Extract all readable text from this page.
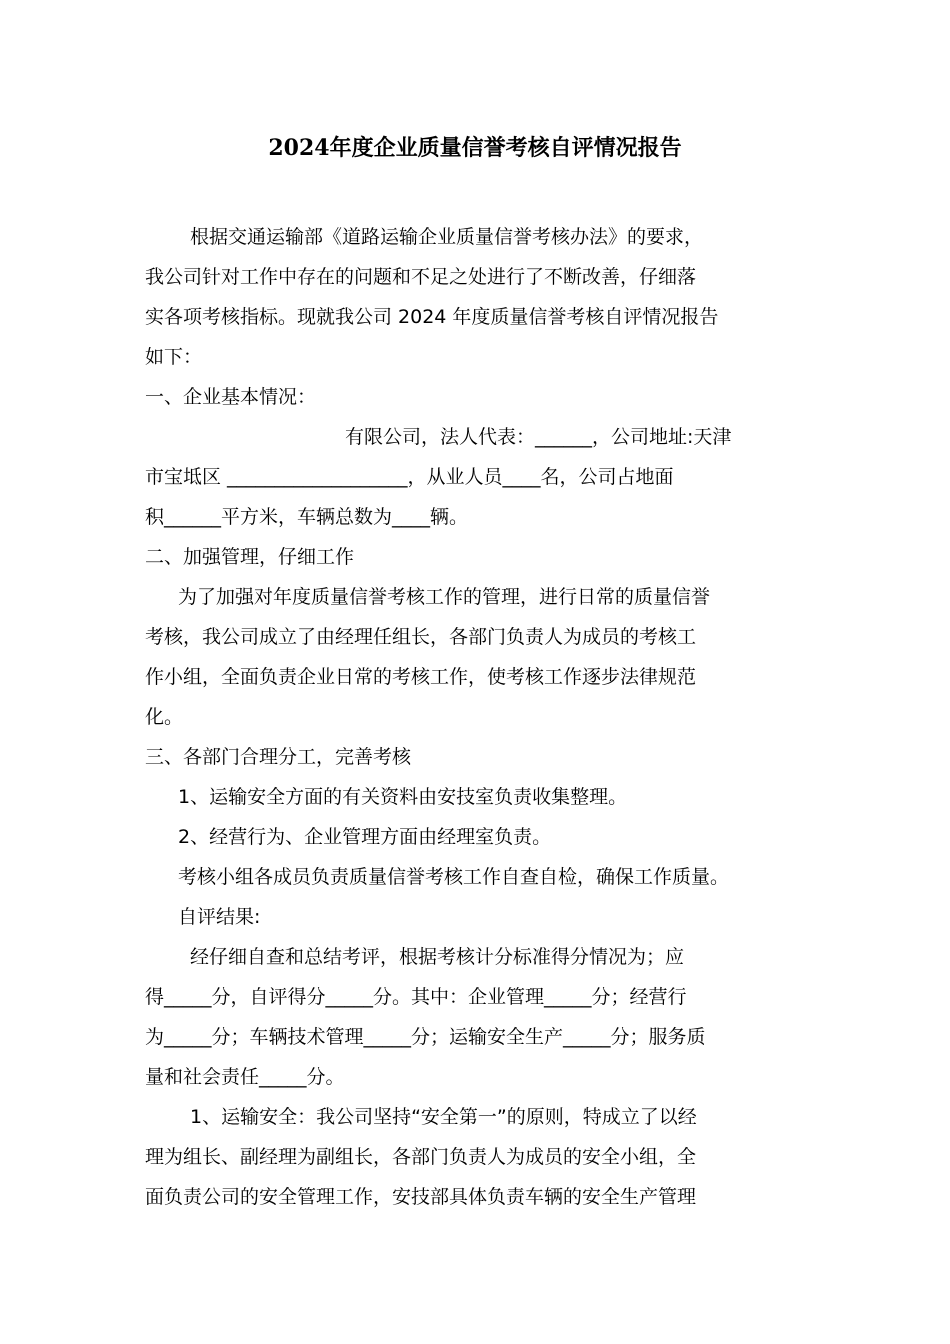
2024年度企业质量信誉考核自评情况报告

根据交通运输部《道路运输企业质量信誉考核办法》的要求，

我公司针对工作中存在的问题和不足之处进行了不断改善，仔细落

实各项考核指标。现就我公司 2024 年度质量信誉考核自评情况报告

如下：

一、企业基本情况：

有限公司，法人代表：______，公司地址:天津

市宝坻区 ___________________，从业人员____名，公司占地面

积______平方米，车辆总数为____辆。

二、加强管理，仔细工作

为了加强对年度质量信誉考核工作的管理，进行日常的质量信誉

考核，我公司成立了由经理任组长，各部门负责人为成员的考核工

作小组，全面负责企业日常的考核工作，使考核工作逐步法律规范

化。

三、各部门合理分工，完善考核

1、运输安全方面的有关资料由安技室负责收集整理。

2、经营行为、企业管理方面由经理室负责。

考核小组各成员负责质量信誉考核工作自查自检，确保工作质量。

自评结果:

经仔细自查和总结考评，根据考核计分标准得分情况为；应

得_____分，自评得分_____分。其中：企业管理_____分；经营行

为_____分；车辆技术管理_____分；运输安全生产_____分；服务质

量和社会责任_____分。

1、运输安全：我公司坚持“安全第一”的原则，特成立了以经

理为组长、副经理为副组长，各部门负责人为成员的安全小组，全

面负责公司的安全管理工作，安技部具体负责车辆的安全生产管理
